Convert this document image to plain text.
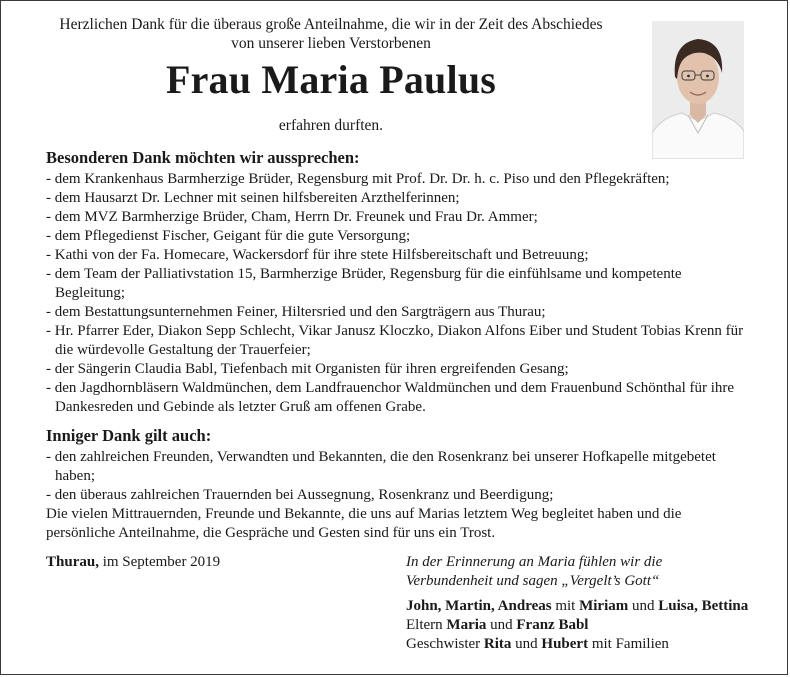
Herzlichen Dank für die überaus große Anteilnahme, die wir in der Zeit des Abschiedes
von unserer lieben Verstorbenen
Frau Maria Paulus
erfahren durften.
Besonderen Dank möchten wir aussprechen:
- dem Krankenhaus Barmherzige Brüder, Regensburg mit Prof. Dr. Dr. h. c. Piso und den Pflegekräften;
- dem Hausarzt Dr. Lechner mit seinen hilfsbereiten Arzthelferinnen;
- dem MVZ Barmherzige Brüder, Cham, Herrn Dr. Freunek und Frau Dr. Ammer;
- dem Pflegedienst Fischer, Geigant für die gute Versorgung;
- Kathi von der Fa. Homecare, Wackersdorf für ihre stete Hilfsbereitschaft und Betreuung;
- dem Team der Palliativstation 15, Barmherzige Brüder, Regensburg für die einfühlsame und kompetente Begleitung;
- dem Bestattungsunternehmen Feiner, Hiltersried und den Sargträgern aus Thurau;
- Hr. Pfarrer Eder, Diakon Sepp Schlecht, Vikar Janusz Kloczko, Diakon Alfons Eiber und Student Tobias Krenn für die würdevolle Gestaltung der Trauerfeier;
- der Sängerin Claudia Babl, Tiefenbach mit Organisten für ihren ergreifenden Gesang;
- den Jagdhornbläsern Waldmünchen, dem Landfrauenchor Waldmünchen und dem Frauenbund Schönthal für ihre Dankesreden und Gebinde als letzter Gruß am offenen Grabe.
Inniger Dank gilt auch:
- den zahlreichen Freunden, Verwandten und Bekannten, die den Rosenkranz bei unserer Hofkapelle mitgebetet haben;
- den überaus zahlreichen Trauernden bei Aussegnung, Rosenkranz und Beerdigung;

Die vielen Mittrauernden, Freunde und Bekannte, die uns auf Marias letztem Weg begleitet haben und die persönliche Anteilnahme, die Gespräche und Gesten sind für uns ein Trost.

Thurau, im September 2019	In der Erinnerung an Maria fühlen wir die
Verbundenheit und sagen „Vergelt’s Gott“
John, Martin, Andreas mit Miriam und Luisa, Bettina
Eltern Maria und Franz Babl
Geschwister Rita und Hubert mit Familien
